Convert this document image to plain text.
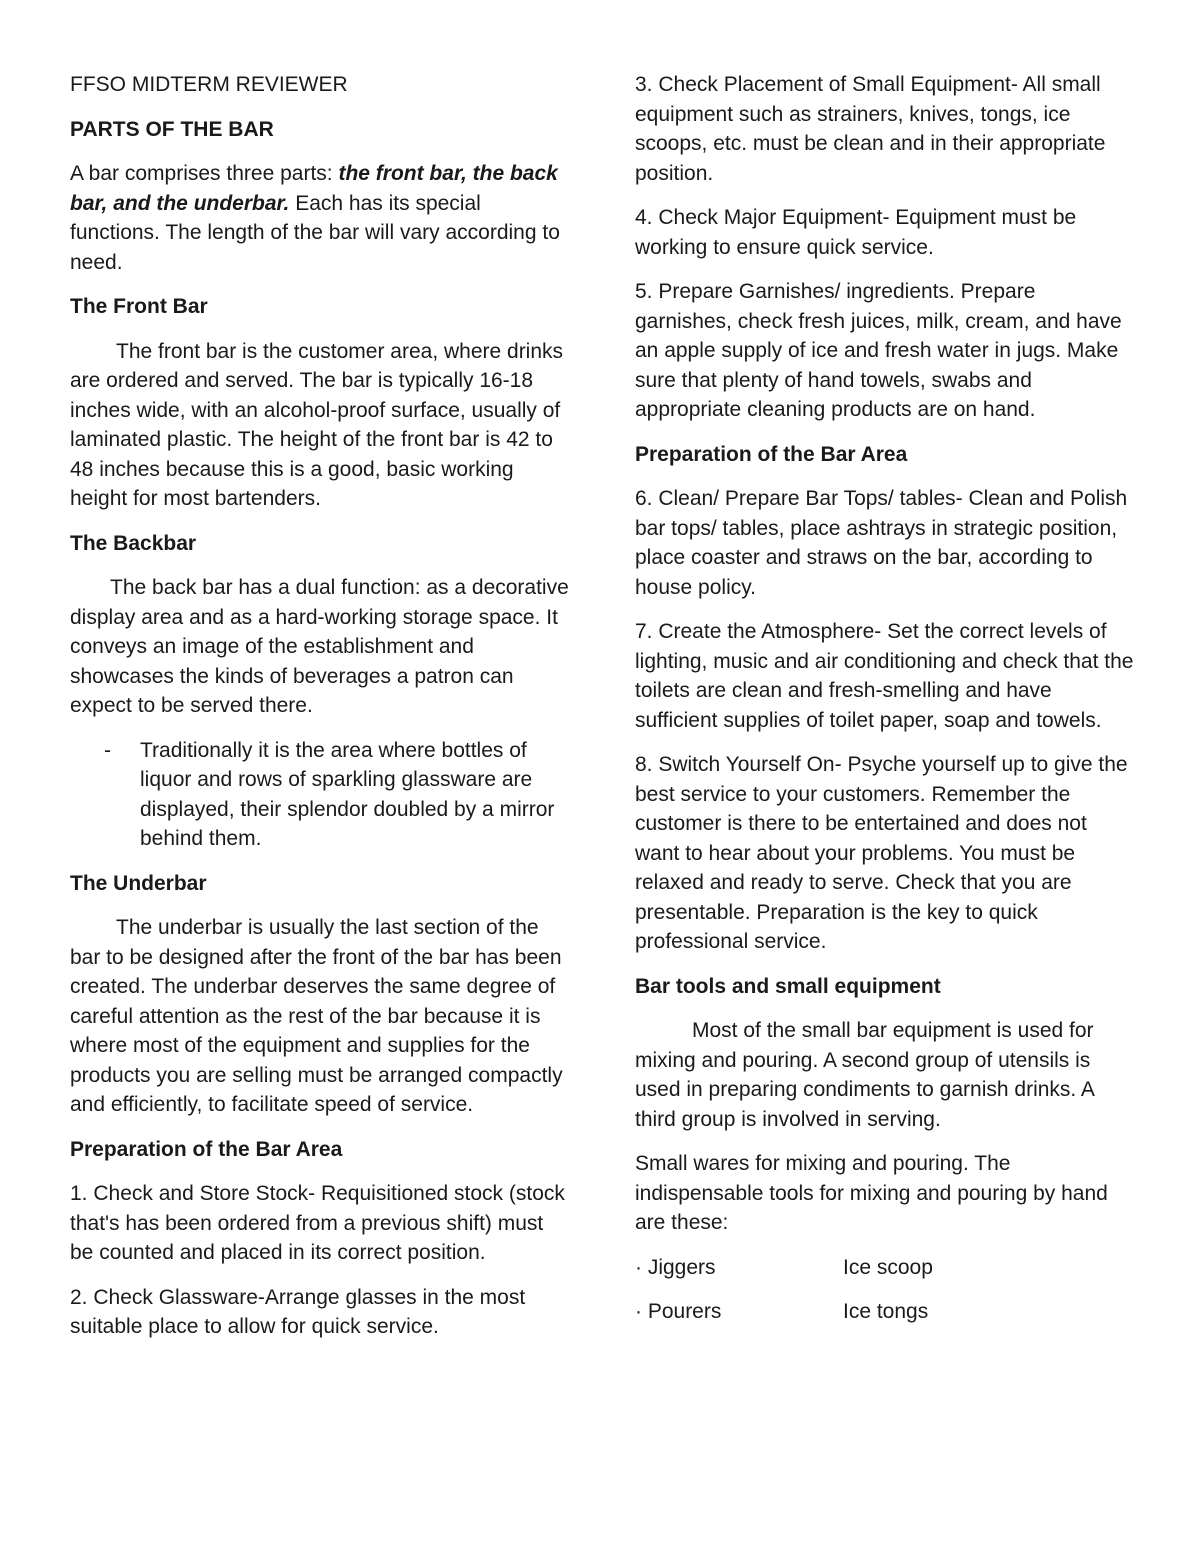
FFSO MIDTERM REVIEWER

PARTS OF THE BAR

A bar comprises three parts: the front bar, the back bar, and the underbar. Each has its special functions. The length of the bar will vary according to need.

The Front Bar

The front bar is the customer area, where drinks are ordered and served. The bar is typically 16-18 inches wide, with an alcohol-proof surface, usually of laminated plastic. The height of the front bar is 42 to 48 inches because this is a good, basic working height for most bartenders.

The Backbar

The back bar has a dual function: as a decorative display area and as a hard-working storage space. It conveys an image of the establishment and showcases the kinds of beverages a patron can expect to be served there.

-	Traditionally it is the area where bottles of liquor and rows of sparkling glassware are displayed, their splendor doubled by a mirror behind them.
The Underbar

The underbar is usually the last section of the bar to be designed after the front of the bar has been created. The underbar deserves the same degree of careful attention as the rest of the bar because it is where most of the equipment and supplies for the products you are selling must be arranged compactly and efficiently, to facilitate speed of service.

Preparation of the Bar Area

1. Check and Store Stock- Requisitioned stock (stock that's has been ordered from a previous shift) must be counted and placed in its correct position.

2. Check Glassware-Arrange glasses in the most suitable place to allow for quick service.

3. Check Placement of Small Equipment- All small equipment such as strainers, knives, tongs, ice scoops, etc. must be clean and in their appropriate position.

4. Check Major Equipment- Equipment must be working to ensure quick service.

5. Prepare Garnishes/ ingredients. Prepare garnishes, check fresh juices, milk, cream, and have an apple supply of ice and fresh water in jugs. Make sure that plenty of hand towels, swabs and appropriate cleaning products are on hand.

Preparation of the Bar Area

6. Clean/ Prepare Bar Tops/ tables- Clean and Polish bar tops/ tables, place ashtrays in strategic position, place coaster and straws on the bar, according to house policy.

7. Create the Atmosphere- Set the correct levels of lighting, music and air conditioning and check that the toilets are clean and fresh-smelling and have sufficient supplies of toilet paper, soap and towels.

8. Switch Yourself On- Psyche yourself up to give the best service to your customers. Remember the customer is there to be entertained and does not want to hear about your problems. You must be relaxed and ready to serve. Check that you are presentable. Preparation is the key to quick professional service.

Bar tools and small equipment

Most of the small bar equipment is used for mixing and pouring. A second group of utensils is used in preparing condiments to garnish drinks. A third group is involved in serving.

Small wares for mixing and pouring. The indispensable tools for mixing and pouring by hand are these:

· Jiggers	Ice scoop
· Pourers	Ice tongs
